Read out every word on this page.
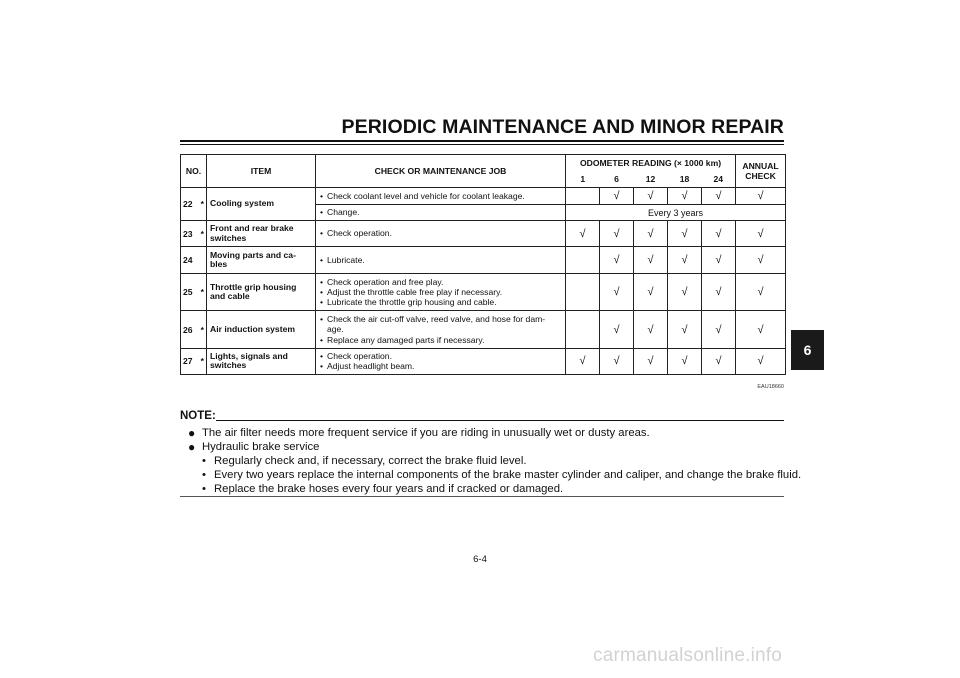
PERIODIC MAINTENANCE AND MINOR REPAIR
6
NO.		ITEM	CHECK OR MAINTENANCE JOB	ODOMETER READING (× 1000 km)					ANNUAL CHECK
				1	6	12	18	24	
22	*	Cooling system	• Check coolant level and vehicle for coolant leakage.		√	√	√	√	√

			• Change.	Every 3 years					
23	*	Front and rear brake switches	• Check operation.	√	√	√	√	√	√
24		Moving parts and ca-bles	• Lubricate.		√	√	√	√	√
25	*	Throttle grip housing and cable	• Check operation and free play.
• Adjust the throttle cable free play if necessary.
• Lubricate the throttle grip housing and cable.		√	√	√	√	√
26	*	Air induction system	• Check the air cut-off valve, reed valve, and hose for dam-age.
• Replace any damaged parts if necessary.		√	√	√	√	√
27	*	Lights, signals and switches	• Check operation.
• Adjust headlight beam.	√	√	√	√	√	√
EAU18660
NOTE:
● The air filter needs more frequent service if you are riding in unusually wet or dusty areas.
● Hydraulic brake service
• Regularly check and, if necessary, correct the brake fluid level.
• Every two years replace the internal components of the brake master cylinder and caliper, and change the brake fluid.
• Replace the brake hoses every four years and if cracked or damaged.
6-4
carmanualsonline.info
